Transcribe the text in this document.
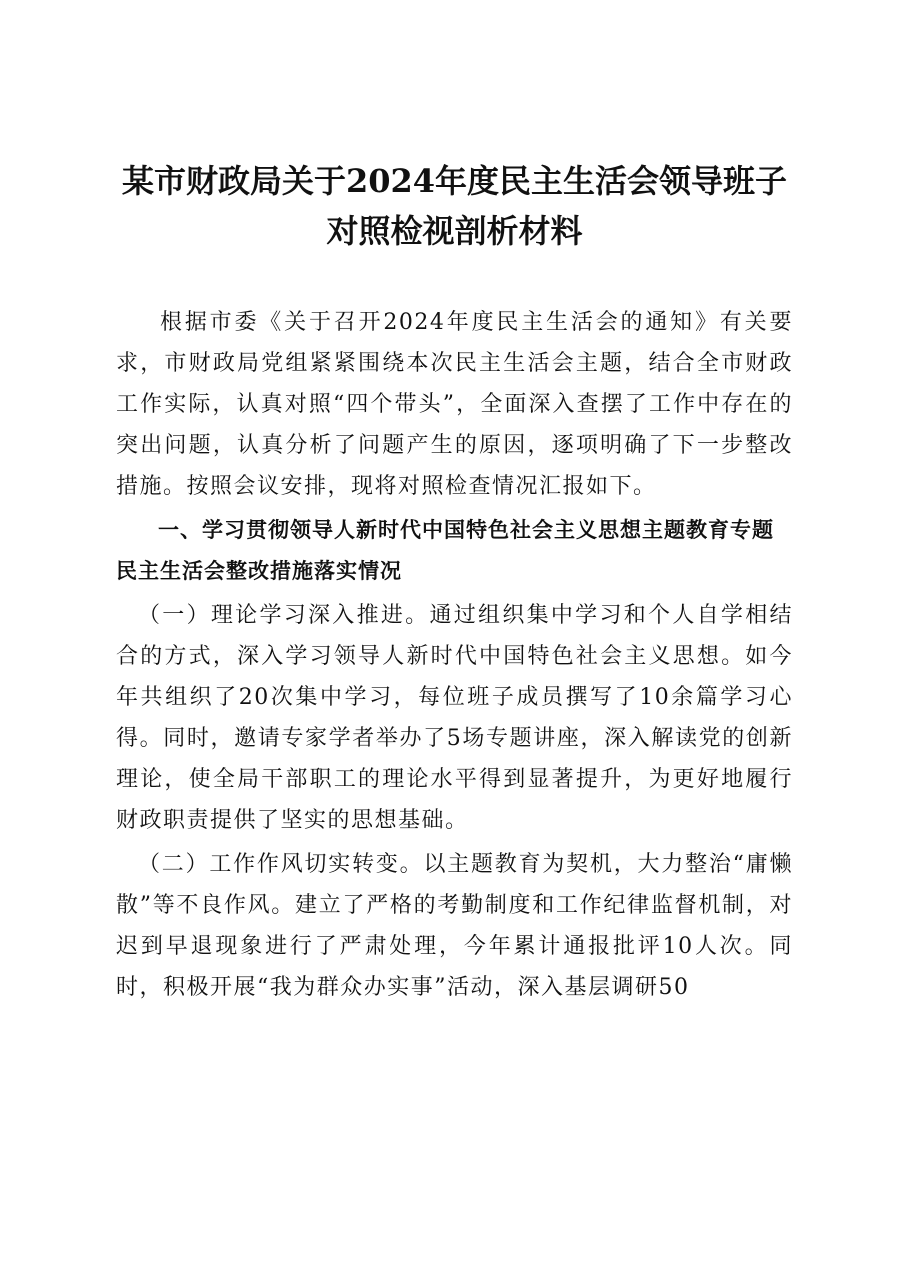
某市财政局关于2024年度民主生活会领导班子
对照检视剖析材料

根据市委《关于召开2024年度民主生活会的通知》有关要求，市财政局党组紧紧围绕本次民主生活会主题，结合全市财政工作实际，认真对照“四个带头”，全面深入查摆了工作中存在的突出问题，认真分析了问题产生的原因，逐项明确了下一步整改措施。按照会议安排，现将对照检查情况汇报如下。

一、学习贯彻领导人新时代中国特色社会主义思想主题教育专题民主生活会整改措施落实情况

（一）理论学习深入推进。通过组织集中学习和个人自学相结合的方式，深入学习领导人新时代中国特色社会主义思想。如今年共组织了20次集中学习，每位班子成员撰写了10余篇学习心得。同时，邀请专家学者举办了5场专题讲座，深入解读党的创新理论，使全局干部职工的理论水平得到显著提升，为更好地履行财政职责提供了坚实的思想基础。

（二）工作作风切实转变。以主题教育为契机，大力整治“庸懒散”等不良作风。建立了严格的考勤制度和工作纪律监督机制，对迟到早退现象进行了严肃处理，今年累计通报批评10人次。同时，积极开展“我为群众办实事”活动，深入基层调研50
